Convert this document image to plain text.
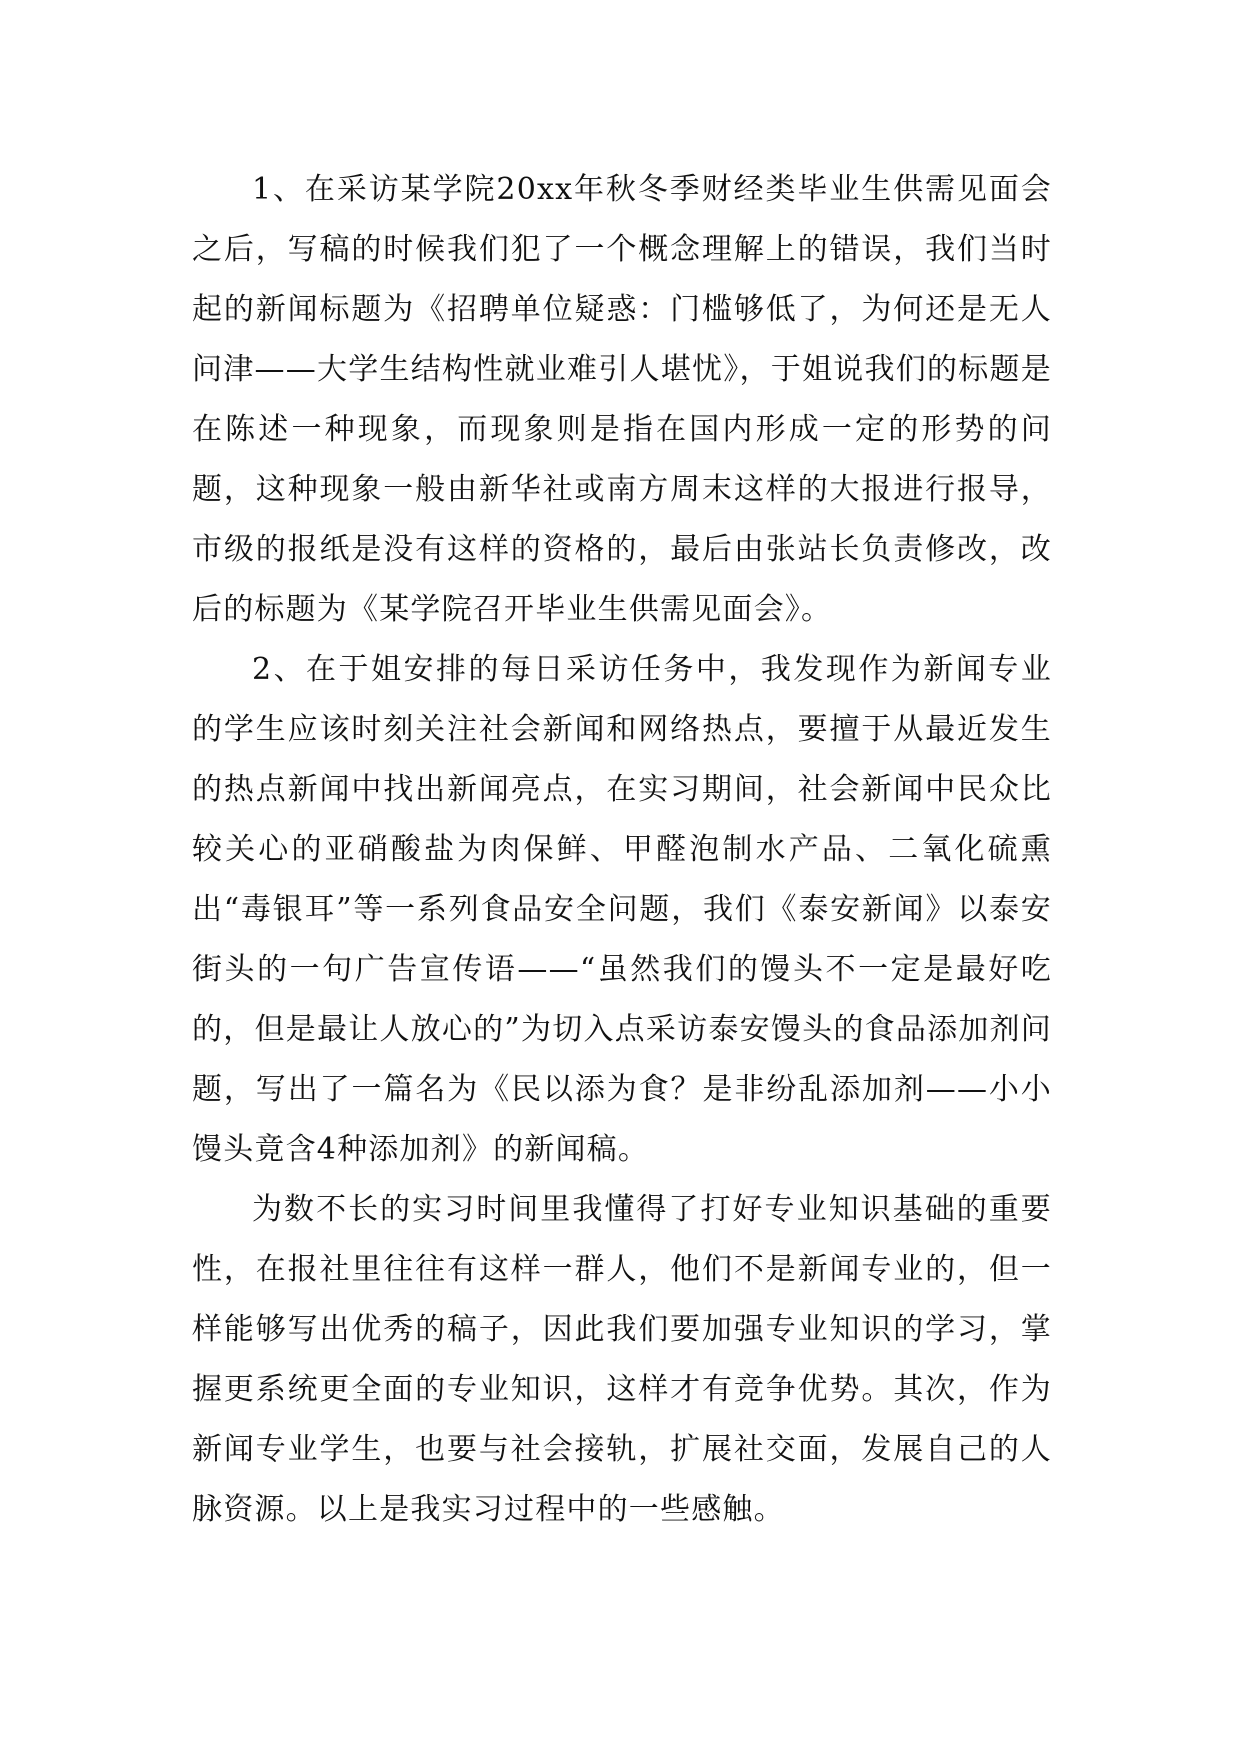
1、在采访某学院20xx年秋冬季财经类毕业生供需见面会之后，写稿的时候我们犯了一个概念理解上的错误，我们当时起的新闻标题为《招聘单位疑惑：门槛够低了，为何还是无人问津——大学生结构性就业难引人堪忧》，于姐说我们的标题是在陈述一种现象，而现象则是指在国内形成一定的形势的问题，这种现象一般由新华社或南方周末这样的大报进行报导，市级的报纸是没有这样的资格的，最后由张站长负责修改，改后的标题为《某学院召开毕业生供需见面会》。

2、在于姐安排的每日采访任务中，我发现作为新闻专业的学生应该时刻关注社会新闻和网络热点，要擅于从最近发生的热点新闻中找出新闻亮点，在实习期间，社会新闻中民众比较关心的亚硝酸盐为肉保鲜、甲醛泡制水产品、二氧化硫熏出“毒银耳”等一系列食品安全问题，我们《泰安新闻》以泰安街头的一句广告宣传语——“虽然我们的馒头不一定是最好吃的，但是最让人放心的”为切入点采访泰安馒头的食品添加剂问题，写出了一篇名为《民以添为食？是非纷乱添加剂——小小馒头竟含4种添加剂》的新闻稿。

为数不长的实习时间里我懂得了打好专业知识基础的重要性，在报社里往往有这样一群人，他们不是新闻专业的，但一样能够写出优秀的稿子，因此我们要加强专业知识的学习，掌握更系统更全面的专业知识，这样才有竞争优势。其次，作为新闻专业学生，也要与社会接轨，扩展社交面，发展自己的人脉资源。以上是我实习过程中的一些感触。
